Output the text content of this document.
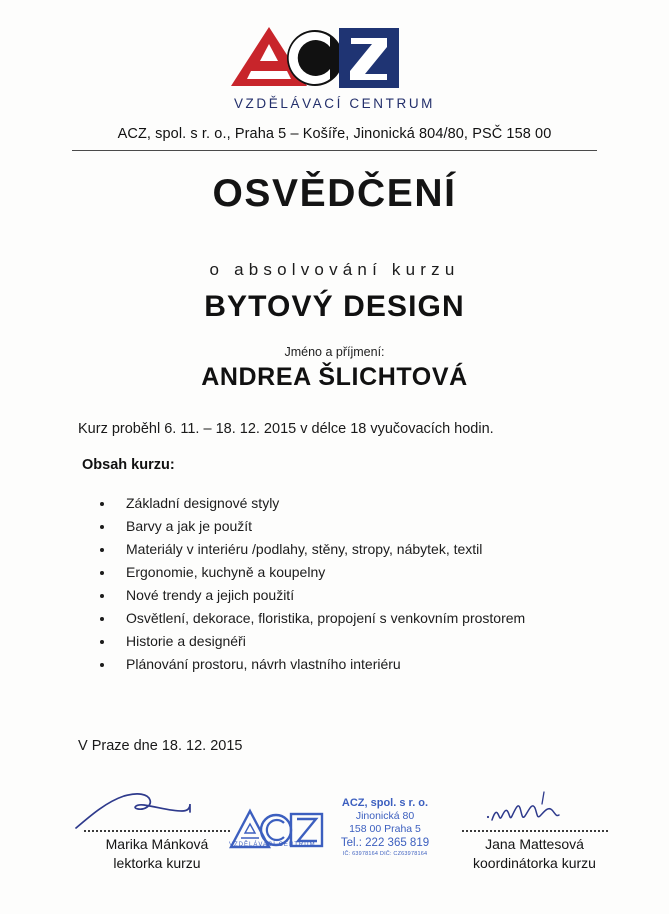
VZDĚLÁVACÍ CENTRUM
ACZ, spol. s r. o., Praha 5 – Košíře, Jinonická 804/80, PSČ 158 00
OSVĚDČENÍ
o absolvování kurzu
BYTOVÝ DESIGN
Jméno a příjmení:
ANDREA ŠLICHTOVÁ
Kurz proběhl 6. 11. – 18. 12. 2015 v délce 18 vyučovacích hodin.
Obsah kurzu:
Základní designové styly
Barvy a jak je použít
Materiály v interiéru /podlahy, stěny, stropy, nábytek, textil
Ergonomie, kuchyně a koupelny
Nové trendy a jejich použití
Osvětlení, dekorace, floristika, propojení s venkovním prostorem
Historie a designéři
Plánování prostoru, návrh vlastního interiéru
V Praze dne 18. 12. 2015
Marika Mánková
lektorka kurzu
Jana Mattesová
koordinátorka kurzu
VZDĚLÁVACÍ CENTRUM
ACZ, spol. s r. o.
Jinonická 80
158 00 Praha 5
Tel.: 222 365 819
IČ: 63978164 DIČ: CZ63978164
